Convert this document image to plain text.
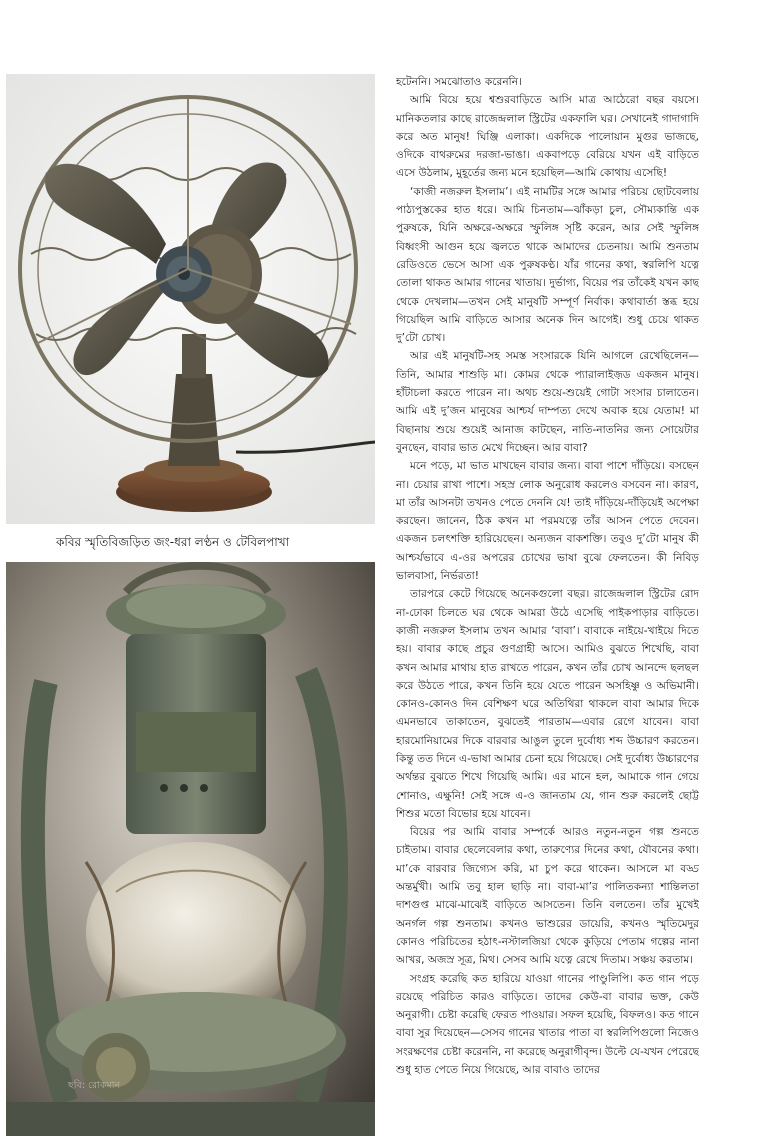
কবির স্মৃতিবিজড়িত জং-ধরা লণ্ঠন ও টেবিলপাখা
ছবি: রোকমান

হটেননি। সমঝোতাও করেননি।

আমি বিয়ে হয়ে শ্বশুরবাড়িতে আসি মাত্র আঠেরো বছর বয়সে। মানিকতলার কাছে রাজেন্দ্রলাল স্ট্রিটের একফালি ঘর। সেখানেই গাদাগাদি করে অত মানুষ! ঘিঞ্জি এলাকা। একদিকে পালোয়ান মুগুর ভাজছে, ওদিকে বাথরুমের দরজা-ভাঙা। একবাপড়ে বেরিয়ে যখন এই বাড়িতে এসে উঠলাম, মুহূর্তের জন্য মনে হয়েছিল—আমি কোথায় এসেছি!

‘কাজী নজরুল ইসলাম’। এই নামটির সঙ্গে আমার পরিচয় ছোটবেলায় পাঠ্যপুস্তকের হাত ধরে। আমি চিনতাম—ঝাঁকড়া চুল, সৌম্যকান্তি এক পুরুষকে, যিনি অক্ষরে-অক্ষরে স্ফুলিঙ্গ সৃষ্টি করেন, আর সেই স্ফুলিঙ্গ বিধ্বংসী আগুন হয়ে জ্বলতে থাকে আমাদের চেতনায়। আমি শুনতাম রেডিওতে ভেসে আসা এক পুরুষকণ্ঠ। যাঁর গানের কথা, স্বরলিপি যত্নে তোলা থাকত আমার গানের খাতায়। দুর্ভাগ্য, বিয়ের পর তাঁকেই যখন কাছ থেকে দেখলাম—তখন সেই মানুষটি সম্পূর্ণ নির্বাক। কথাবার্তা স্তব্ধ হয়ে গিয়েছিল আমি বাড়িতে আসার অনেক দিন আগেই। শুধু চেয়ে থাকত দু’টো চোখ।

আর এই মানুষটি-সহ সমস্ত সংসারকে যিনি আগলে রেখেছিলেন—তিনি, আমার শাশুড়ি মা। কোমর থেকে প্যারালাইজ়ড একজন মানুষ। হাঁটাচলা করতে পারেন না। অথচ শুয়ে-শুয়েই গোটা সংসার চালাতেন। আমি এই দু’জন মানুষের আশ্চর্য দাম্পত্য দেখে অবাক হয়ে যেতাম! মা বিছানায় শুয়ে শুয়েই আনাজ কাটছেন, নাতি-নাতনির জন্য সোয়েটার বুনছেন, বাবার ভাত মেখে দিচ্ছেন। আর বাবা?

মনে পড়ে, মা ভাত মাখছেন বাবার জন্য। বাবা পাশে দাঁড়িয়ে। বসছেন না। চেয়ার রাখা পাশে। সহস্র লোক অনুরোধ করলেও বসবেন না। কারণ, মা তাঁর আসনটা তখনও পেতে দেননি যে! তাই দাঁড়িয়ে-দাঁড়িয়েই অপেক্ষা করছেন। জানেন, ঠিক কখন মা পরমযত্নে তাঁর আসন পেতে দেবেন। একজন চলৎশক্তি হারিয়েছেন। অন্যজন বাকশক্তি। তবুও দু’টো মানুষ কী আশ্চর্যভাবে এ-ওর অপরের চোখের ভাষা বুঝে ফেলতেন। কী নিবিড় ভালবাসা, নির্ভরতা!

তারপরে কেটে গিয়েছে অনেকগুলো বছর। রাজেন্দ্রলাল স্ট্রিটের রোদ না-ঢোকা চিলতে ঘর থেকে আমরা উঠে এসেছি পাইকপাড়ার বাড়িতে। কাজী নজরুল ইসলাম তখন আমার ‘বাবা’। বাবাকে নাইয়ে-খাইয়ে দিতে হয়। বাবার কাছে প্রচুর গুণগ্রাহী আসে। আমিও বুঝতে শিখেছি, বাবা কখন আমার মাথায় হাত রাখতে পারেন, কখন তাঁর চোখ আনন্দে ছলছল করে উঠতে পারে, কখন তিনি হয়ে যেতে পারেন অসহিষ্ণু ও অভিমানী। কোনও-কোনও দিন বেশিক্ষণ ঘরে অতিথিরা থাকলে বাবা আমার দিকে এমনভাবে তাকাতেন, বুঝতেই পারতাম—এবার রেগে যাবেন। বাবা হারমোনিয়ামের দিকে বারবার আঙুল তুলে দুর্বোধ্য শব্দ উচ্চারণ করতেন। কিন্তু তত দিনে এ-ভাষা আমার চেনা হয়ে গিয়েছে। সেই দুর্বোধ্য উচ্চারণের অর্থন্তর বুঝতে শিখে গিয়েছি আমি। এর মানে হল, আমাকে গান গেয়ে শোনাও, এক্ষুনি! সেই সঙ্গে এ-ও জানতাম যে, গান শুরু করলেই ছোট্ট শিশুর মতো বিভোর হয়ে যাবেন।

বিয়ের পর আমি বাবার সম্পর্কে আরও নতুন-নতুন গল্প শুনতে চাইতাম। বাবার ছেলেবেলার কথা, তারুণ্যের দিনের কথা, যৌবনের কথা। মা’কে বারবার জিগ্যেস করি, মা চুপ করে থাকেন। আসলে মা বড্ড অন্তর্মুখী। আমি তবু হাল ছাড়ি না। বাবা-মা’র পালিতকন্যা শান্তিলতা দাশগুপ্ত মাঝে-মাঝেই বাড়িতে আসতেন। তিনি বলতেন। তাঁর মুখেই অনর্গল গল্প শুনতাম। কখনও ভাশুরের ডায়েরি, কখনও স্মৃতিমেদুর কোনও পরিচিতের হঠাৎ-নস্টালজিয়া থেকে কুড়িয়ে পেতাম গল্পের নানা আখর, অজস্র সূত্র, মিথ। সেসব আমি যত্নে রেখে দিতাম। সঞ্চয় করতাম।

সংগ্রহ করেছি কত হারিয়ে যাওয়া গানের পাণ্ডুলিপি। কত গান পড়ে রয়েছে পরিচিত কারও বাড়িতে। তাদের কেউ-বা বাবার ভক্ত, কেউ অনুরাগী। চেষ্টা করেছি ফেরত পাওয়ার। সফল হয়েছি, বিফলও। কত গানে বাবা সুর দিয়েছেন—সেসব গানের খাতার পাতা বা স্বরলিপিগুলো নিজেও সংরক্ষণের চেষ্টা করেননি, না করেছে অনুরাগীবৃন্দ। উল্টে যে-যখন পেরেছে শুধু হাত পেতে নিয়ে গিয়েছে, আর বাবাও তাদের
